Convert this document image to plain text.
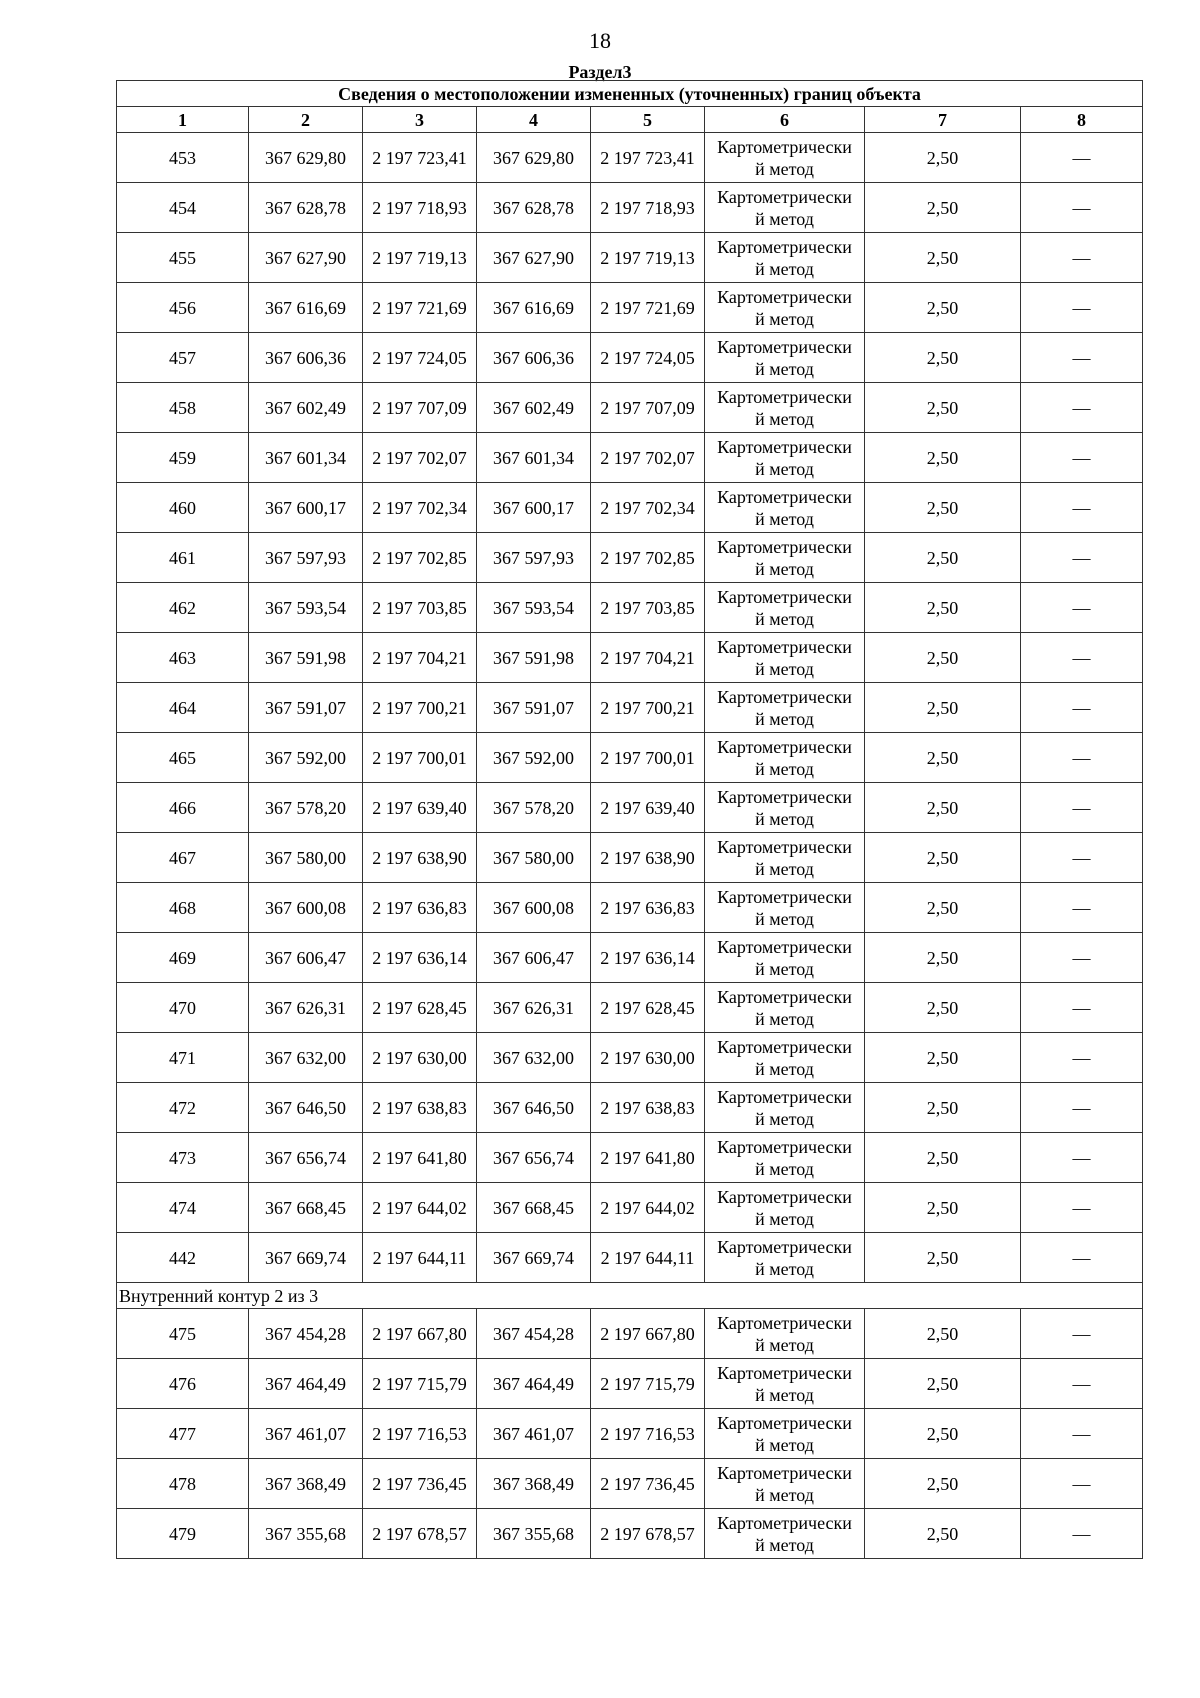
18
Раздел3
Сведения о местоположении измененных (уточненных) границ объекта							
1	2	3	4	5	6	7	8
453	367 629,80	2 197 723,41	367 629,80	2 197 723,41	Картометрически
й метод	2,50	—
454	367 628,78	2 197 718,93	367 628,78	2 197 718,93	Картометрически
й метод	2,50	—
455	367 627,90	2 197 719,13	367 627,90	2 197 719,13	Картометрически
й метод	2,50	—
456	367 616,69	2 197 721,69	367 616,69	2 197 721,69	Картометрически
й метод	2,50	—
457	367 606,36	2 197 724,05	367 606,36	2 197 724,05	Картометрически
й метод	2,50	—
458	367 602,49	2 197 707,09	367 602,49	2 197 707,09	Картометрически
й метод	2,50	—
459	367 601,34	2 197 702,07	367 601,34	2 197 702,07	Картометрически
й метод	2,50	—
460	367 600,17	2 197 702,34	367 600,17	2 197 702,34	Картометрически
й метод	2,50	—
461	367 597,93	2 197 702,85	367 597,93	2 197 702,85	Картометрически
й метод	2,50	—
462	367 593,54	2 197 703,85	367 593,54	2 197 703,85	Картометрически
й метод	2,50	—
463	367 591,98	2 197 704,21	367 591,98	2 197 704,21	Картометрически
й метод	2,50	—
464	367 591,07	2 197 700,21	367 591,07	2 197 700,21	Картометрически
й метод	2,50	—
465	367 592,00	2 197 700,01	367 592,00	2 197 700,01	Картометрически
й метод	2,50	—
466	367 578,20	2 197 639,40	367 578,20	2 197 639,40	Картометрически
й метод	2,50	—
467	367 580,00	2 197 638,90	367 580,00	2 197 638,90	Картометрически
й метод	2,50	—
468	367 600,08	2 197 636,83	367 600,08	2 197 636,83	Картометрически
й метод	2,50	—
469	367 606,47	2 197 636,14	367 606,47	2 197 636,14	Картометрически
й метод	2,50	—
470	367 626,31	2 197 628,45	367 626,31	2 197 628,45	Картометрически
й метод	2,50	—
471	367 632,00	2 197 630,00	367 632,00	2 197 630,00	Картометрически
й метод	2,50	—
472	367 646,50	2 197 638,83	367 646,50	2 197 638,83	Картометрически
й метод	2,50	—
473	367 656,74	2 197 641,80	367 656,74	2 197 641,80	Картометрически
й метод	2,50	—
474	367 668,45	2 197 644,02	367 668,45	2 197 644,02	Картометрически
й метод	2,50	—
442	367 669,74	2 197 644,11	367 669,74	2 197 644,11	Картометрически
й метод	2,50	—
Внутренний контур 2 из 3							
475	367 454,28	2 197 667,80	367 454,28	2 197 667,80	Картометрически
й метод	2,50	—
476	367 464,49	2 197 715,79	367 464,49	2 197 715,79	Картометрически
й метод	2,50	—
477	367 461,07	2 197 716,53	367 461,07	2 197 716,53	Картометрически
й метод	2,50	—
478	367 368,49	2 197 736,45	367 368,49	2 197 736,45	Картометрически
й метод	2,50	—
479	367 355,68	2 197 678,57	367 355,68	2 197 678,57	Картометрически
й метод	2,50	—
